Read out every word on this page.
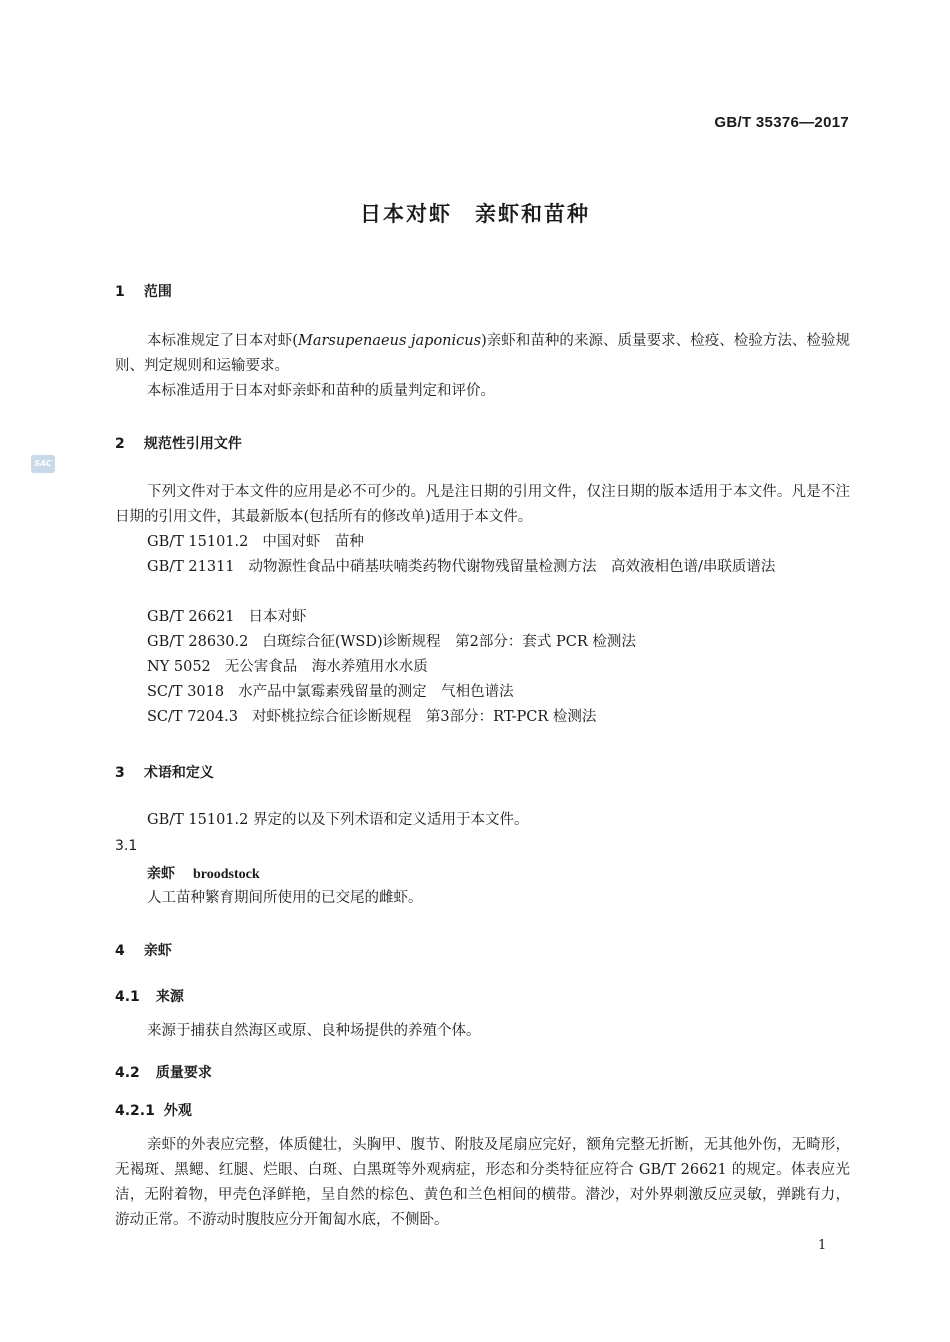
GB/T 35376—2017
日本对虾　亲虾和苗种
SAC
1 范围
本标准规定了日本对虾(Marsupenaeus japonicus)亲虾和苗种的来源、质量要求、检疫、检验方法、检验规则、判定规则和运输要求。
本标准适用于日本对虾亲虾和苗种的质量判定和评价。
2 规范性引用文件
下列文件对于本文件的应用是必不可少的。凡是注日期的引用文件，仅注日期的版本适用于本文件。凡是不注日期的引用文件，其最新版本(包括所有的修改单)适用于本文件。
GB/T 15101.2 中国对虾　苗种
GB/T 21311 动物源性食品中硝基呋喃类药物代谢物残留量检测方法　高效液相色谱/串联质谱法
GB/T 26621 日本对虾
GB/T 28630.2 白斑综合征(WSD)诊断规程　第2部分：套式 PCR 检测法
NY 5052 无公害食品　海水养殖用水水质
SC/T 3018 水产品中氯霉素残留量的测定　气相色谱法
SC/T 7204.3 对虾桃拉综合征诊断规程　第3部分：RT-PCR 检测法
3 术语和定义
GB/T 15101.2 界定的以及下列术语和定义适用于本文件。
3.1
亲虾 broodstock
人工苗种繁育期间所使用的已交尾的雌虾。
4 亲虾
4.1 来源
来源于捕获自然海区或原、良种场提供的养殖个体。
4.2 质量要求
4.2.1 外观
亲虾的外表应完整，体质健壮，头胸甲、腹节、附肢及尾扇应完好，额角完整无折断，无其他外伤，无畸形，无褐斑、黑鳃、红腿、烂眼、白斑、白黑斑等外观病症，形态和分类特征应符合 GB/T 26621 的规定。体表应光洁，无附着物，甲壳色泽鲜艳，呈自然的棕色、黄色和兰色相间的横带。潜沙，对外界刺激反应灵敏，弹跳有力，游动正常。不游动时腹肢应分开匍匐水底，不侧卧。
1
